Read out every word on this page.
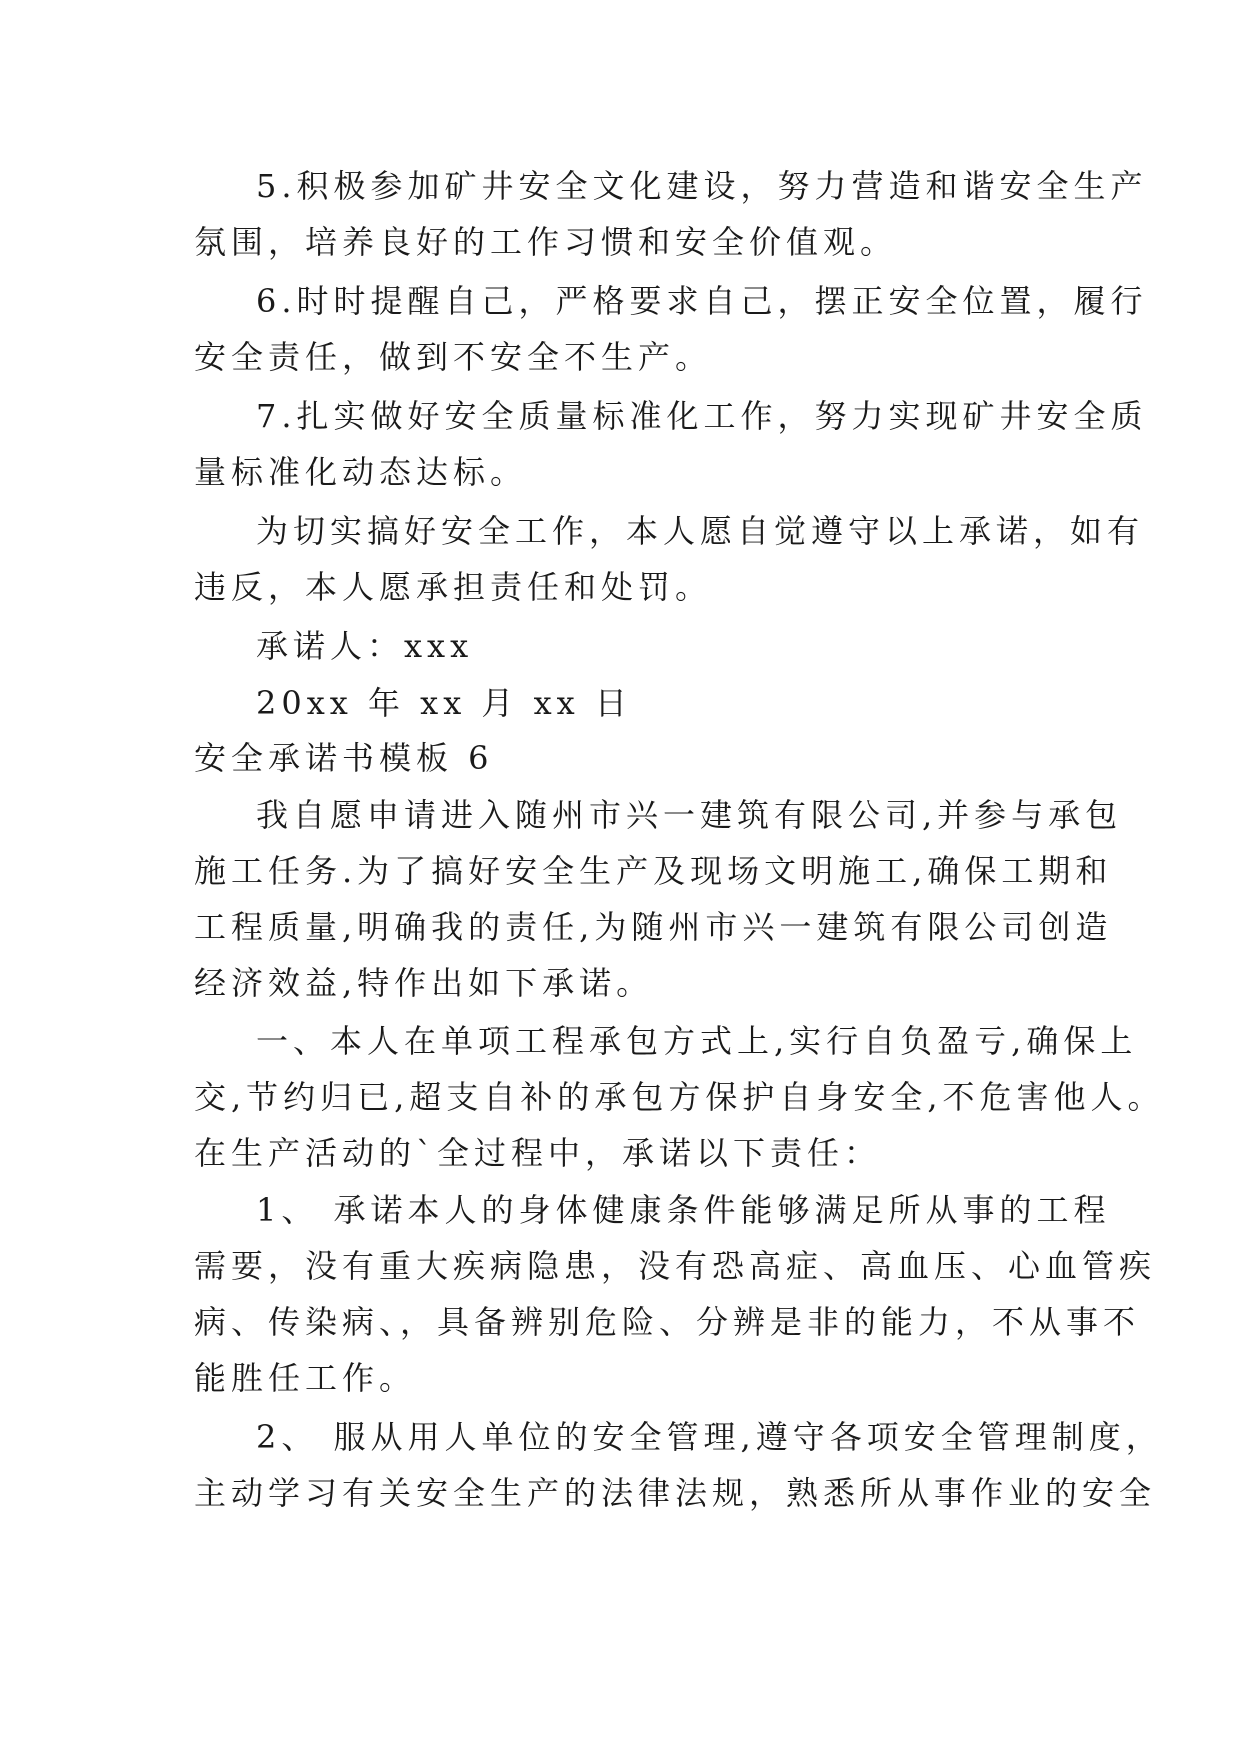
5.积极参加矿井安全文化建设，努力营造和谐安全生产
氛围，培养良好的工作习惯和安全价值观。
6.时时提醒自己，严格要求自己，摆正安全位置，履行
安全责任，做到不安全不生产。
7.扎实做好安全质量标准化工作，努力实现矿井安全质
量标准化动态达标。
为切实搞好安全工作，本人愿自觉遵守以上承诺，如有
违反，本人愿承担责任和处罚。
承诺人：xxx
20xx 年 xx 月 xx 日
安全承诺书模板 6
我自愿申请进入随州市兴一建筑有限公司,并参与承包
施工任务.为了搞好安全生产及现场文明施工,确保工期和
工程质量,明确我的责任,为随州市兴一建筑有限公司创造
经济效益,特作出如下承诺。
一、本人在单项工程承包方式上,实行自负盈亏,确保上
交,节约归已,超支自补的承包方保护自身安全,不危害他人。
在生产活动的`全过程中，承诺以下责任：
1、 承诺本人的身体健康条件能够满足所从事的工程
需要，没有重大疾病隐患，没有恐高症、高血压、心血管疾
病、传染病、，具备辨别危险、分辨是非的能力，不从事不
能胜任工作。
2、 服从用人单位的安全管理,遵守各项安全管理制度，
主动学习有关安全生产的法律法规，熟悉所从事作业的安全
